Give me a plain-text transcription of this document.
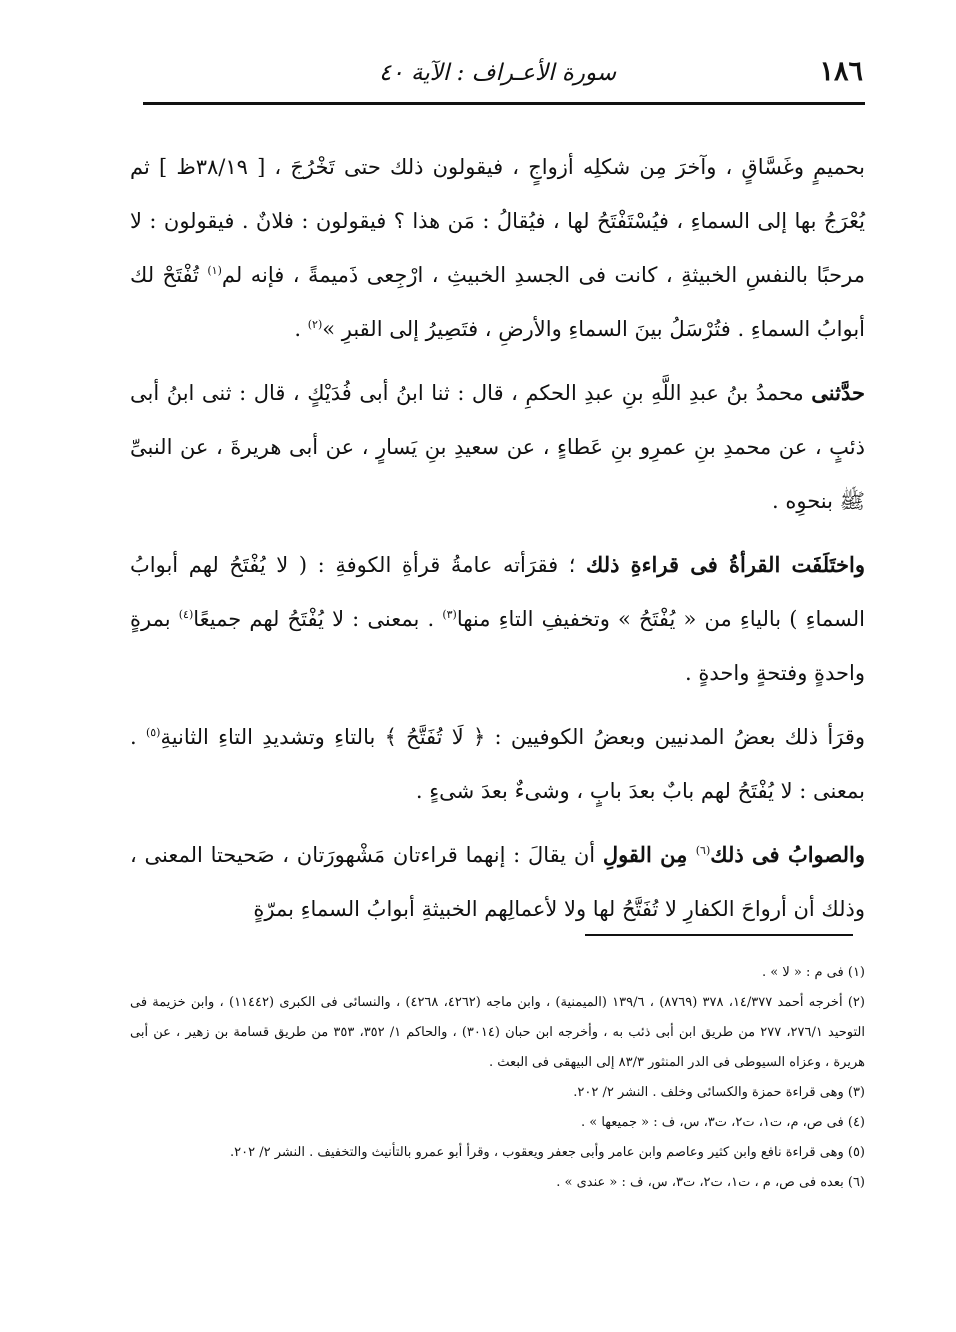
١٨٦
سورة الأعـراف : الآية ٤٠

بحميمٍ وغَسَّاقٍ ، وآخرَ مِن شكلِه أزواجٍ ، فيقولون ذلك حتى تَخْرُجَ ، [ ٣٨/١٩ظ ] ثم يُعْرَجُ بها إلى السماءِ ، فيُسْتَفْتَحُ لها ، فيُقالُ : مَن هذا ؟ فيقولون : فلانٌ . فيقولون : لا مرحبًا بالنفسِ الخبيثةِ ، كانت فى الجسدِ الخبيثِ ، ارْجِعى ذَميمةً ، فإنه لم$^{(١)}$ تُفْتَحْ لك أبوابُ السماءِ . فتُرْسَلُ بينَ السماءِ والأرضِ ، فتَصِيرُ إلى القبرِ »$^{(٢)}$ .

حدَّثنى محمدُ بنُ عبدِ اللَّهِ بنِ عبدِ الحكمِ ، قال : ثنا ابنُ أبى فُدَيْكٍ ، قال : ثنى ابنُ أبى ذئبٍ ، عن محمدِ بنِ عمرِو بنِ عَطاءٍ ، عن سعيدِ بنِ يَسارٍ ، عن أبى هريرةَ ، عن النبىِّ ﷺ بنحوِه .

واختَلَفَت القرأةُ فى قراءةِ ذلك ؛ فقرَأته عامةُ قرأةِ الكوفةِ : ( لا يُفْتَحُ لهم أبوابُ السماءِ ) بالياءِ من « يُفْتَحُ » وتخفيفِ التاءِ منها$^{(٣)}$ . بمعنى : لا يُفْتَحُ لهم جميعًا$^{(٤)}$ بمرةٍ واحدةٍ وفتحةٍ واحدةٍ .

وقرَأ ذلك بعضُ المدنيين وبعضُ الكوفيين : ﴿ لَا تُفَتَّحُ ﴾ بالتاءِ وتشديدِ التاءِ الثانيةِ$^{(٥)}$ . بمعنى : لا يُفْتَحُ لهم بابٌ بعدَ بابٍ ، وشىءٌ بعدَ شىءٍ .

والصوابُ فى ذلك$^{(٦)}$ مِن القولِ أن يقالَ : إنهما قراءتان مَشْهورَتان ، صَحيحتا المعنى ، وذلك أن أرواحَ الكفارِ لا تُفَتَّحُ لها ولا لأعمالِهم الخبيثةِ أبوابُ السماءِ بمرّةٍ

(١) فى م : « لا » .

(٢) أخرجه أحمد ١٤/٣٧٧، ٣٧٨ (٨٧٦٩) ، ١٣٩/٦ (الميمنية) ، وابن ماجه (٤٢٦٢، ٤٢٦٨) ، والنسائى فى الكبرى (١١٤٤٢) ، وابن خزيمة فى التوحيد ٢٧٦/١، ٢٧٧ من طريق ابن أبى ذئب به ، وأخرجه ابن حبان (٣٠١٤) ، والحاكم ١/ ٣٥٢، ٣٥٣ من طريق قسامة بن زهير ، عن أبى هريرة ، وعزاه السيوطى فى الدر المنثور ٨٣/٣ إلى البيهقى فى البعث .

(٣) وهى قراءة حمزة والكسائى وخلف . النشر ٢/ ٢٠٢.

(٤) فى ص، م، ت١، ت٢، ت٣، س، ف : « جميعها » .

(٥) وهى قراءة نافع وابن كثير وعاصم وابن عامر وأبى جعفر ويعقوب ، وقرأ أبو عمرو بالتأنيث والتخفيف . النشر ٢/ ٢٠٢.

(٦) بعده فى ص، م ، ت١، ت٢، ت٣، س، ف : « عندى » .
